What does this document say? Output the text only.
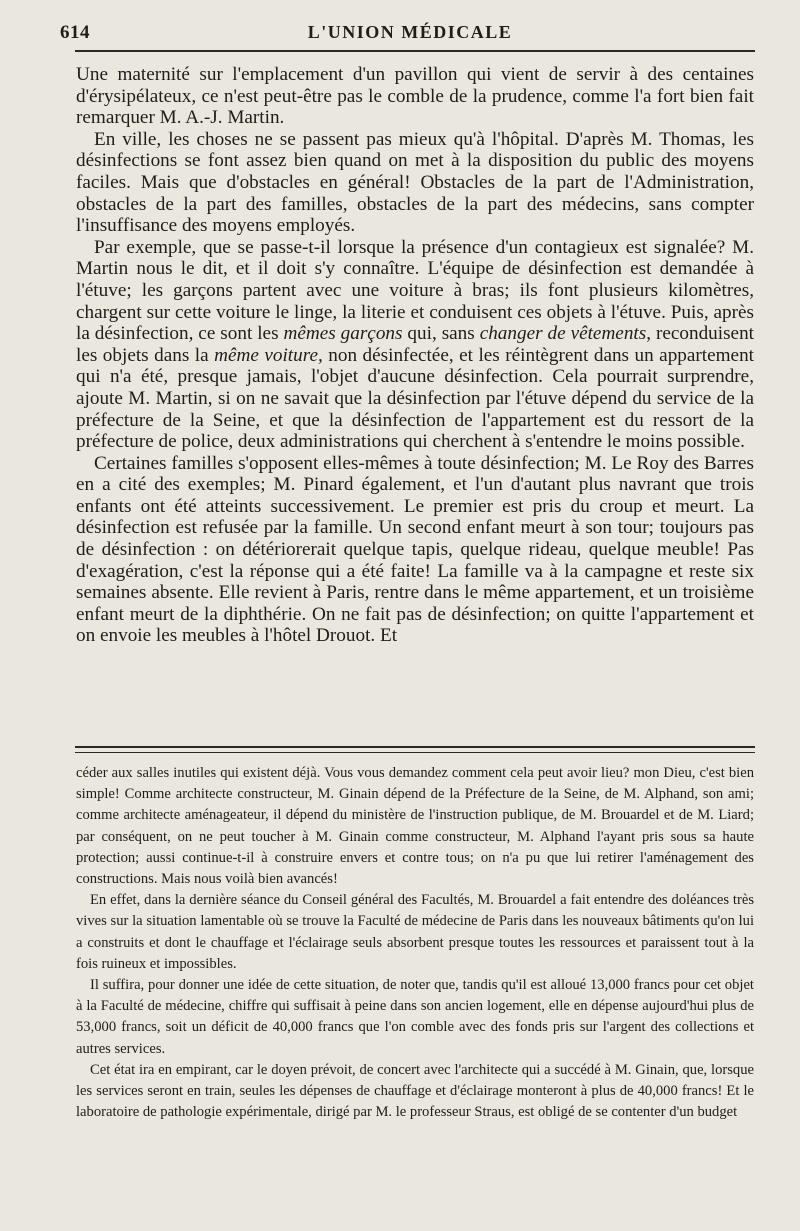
614	L'UNION MÉDICALE

Une maternité sur l'emplacement d'un pavillon qui vient de servir à des centaines d'érysipélateux, ce n'est peut-être pas le comble de la prudence, comme l'a fort bien fait remarquer M. A.-J. Martin.

En ville, les choses ne se passent pas mieux qu'à l'hôpital. D'après M. Thomas, les désinfections se font assez bien quand on met à la disposition du public des moyens faciles. Mais que d'obstacles en général! Obstacles de la part de l'Administration, obstacles de la part des familles, obstacles de la part des médecins, sans compter l'insuffisance des moyens employés.

Par exemple, que se passe-t-il lorsque la présence d'un contagieux est signalée? M. Martin nous le dit, et il doit s'y connaître. L'équipe de désinfection est demandée à l'étuve; les garçons partent avec une voiture à bras; ils font plusieurs kilomètres, chargent sur cette voiture le linge, la literie et conduisent ces objets à l'étuve. Puis, après la désinfection, ce sont les mêmes garçons qui, sans changer de vêtements, reconduisent les objets dans la même voiture, non désinfectée, et les réintègrent dans un appartement qui n'a été, presque jamais, l'objet d'aucune désinfection. Cela pourrait surprendre, ajoute M. Martin, si on ne savait que la désinfection par l'étuve dépend du service de la préfecture de la Seine, et que la désinfection de l'appartement est du ressort de la préfecture de police, deux administrations qui cherchent à s'entendre le moins possible.

Certaines familles s'opposent elles-mêmes à toute désinfection; M. Le Roy des Barres en a cité des exemples; M. Pinard également, et l'un d'autant plus navrant que trois enfants ont été atteints successivement. Le premier est pris du croup et meurt. La désinfection est refusée par la famille. Un second enfant meurt à son tour; toujours pas de désinfection : on détériorerait quelque tapis, quelque rideau, quelque meuble! Pas d'exagération, c'est la réponse qui a été faite! La famille va à la campagne et reste six semaines absente. Elle revient à Paris, rentre dans le même appartement, et un troisième enfant meurt de la diphthérie. On ne fait pas de désinfection; on quitte l'appartement et on envoie les meubles à l'hôtel Drouot. Et

céder aux salles inutiles qui existent déjà. Vous vous demandez comment cela peut avoir lieu? mon Dieu, c'est bien simple! Comme architecte constructeur, M. Ginain dépend de la Préfecture de la Seine, de M. Alphand, son ami; comme architecte aménageateur, il dépend du ministère de l'instruction publique, de M. Brouardel et de M. Liard; par conséquent, on ne peut toucher à M. Ginain comme constructeur, M. Alphand l'ayant pris sous sa haute protection; aussi continue-t-il à construire envers et contre tous; on n'a pu que lui retirer l'aménagement des constructions. Mais nous voilà bien avancés!

En effet, dans la dernière séance du Conseil général des Facultés, M. Brouardel a fait entendre des doléances très vives sur la situation lamentable où se trouve la Faculté de médecine de Paris dans les nouveaux bâtiments qu'on lui a construits et dont le chauffage et l'éclairage seuls absorbent presque toutes les ressources et paraissent tout à la fois ruineux et impossibles.

Il suffira, pour donner une idée de cette situation, de noter que, tandis qu'il est alloué 13,000 francs pour cet objet à la Faculté de médecine, chiffre qui suffisait à peine dans son ancien logement, elle en dépense aujourd'hui plus de 53,000 francs, soit un déficit de 40,000 francs que l'on comble avec des fonds pris sur l'argent des collections et autres services.

Cet état ira en empirant, car le doyen prévoit, de concert avec l'architecte qui a succédé à M. Ginain, que, lorsque les services seront en train, seules les dépenses de chauffage et d'éclairage monteront à plus de 40,000 francs! Et le laboratoire de pathologie expérimentale, dirigé par M. le professeur Straus, est obligé de se contenter d'un budget
